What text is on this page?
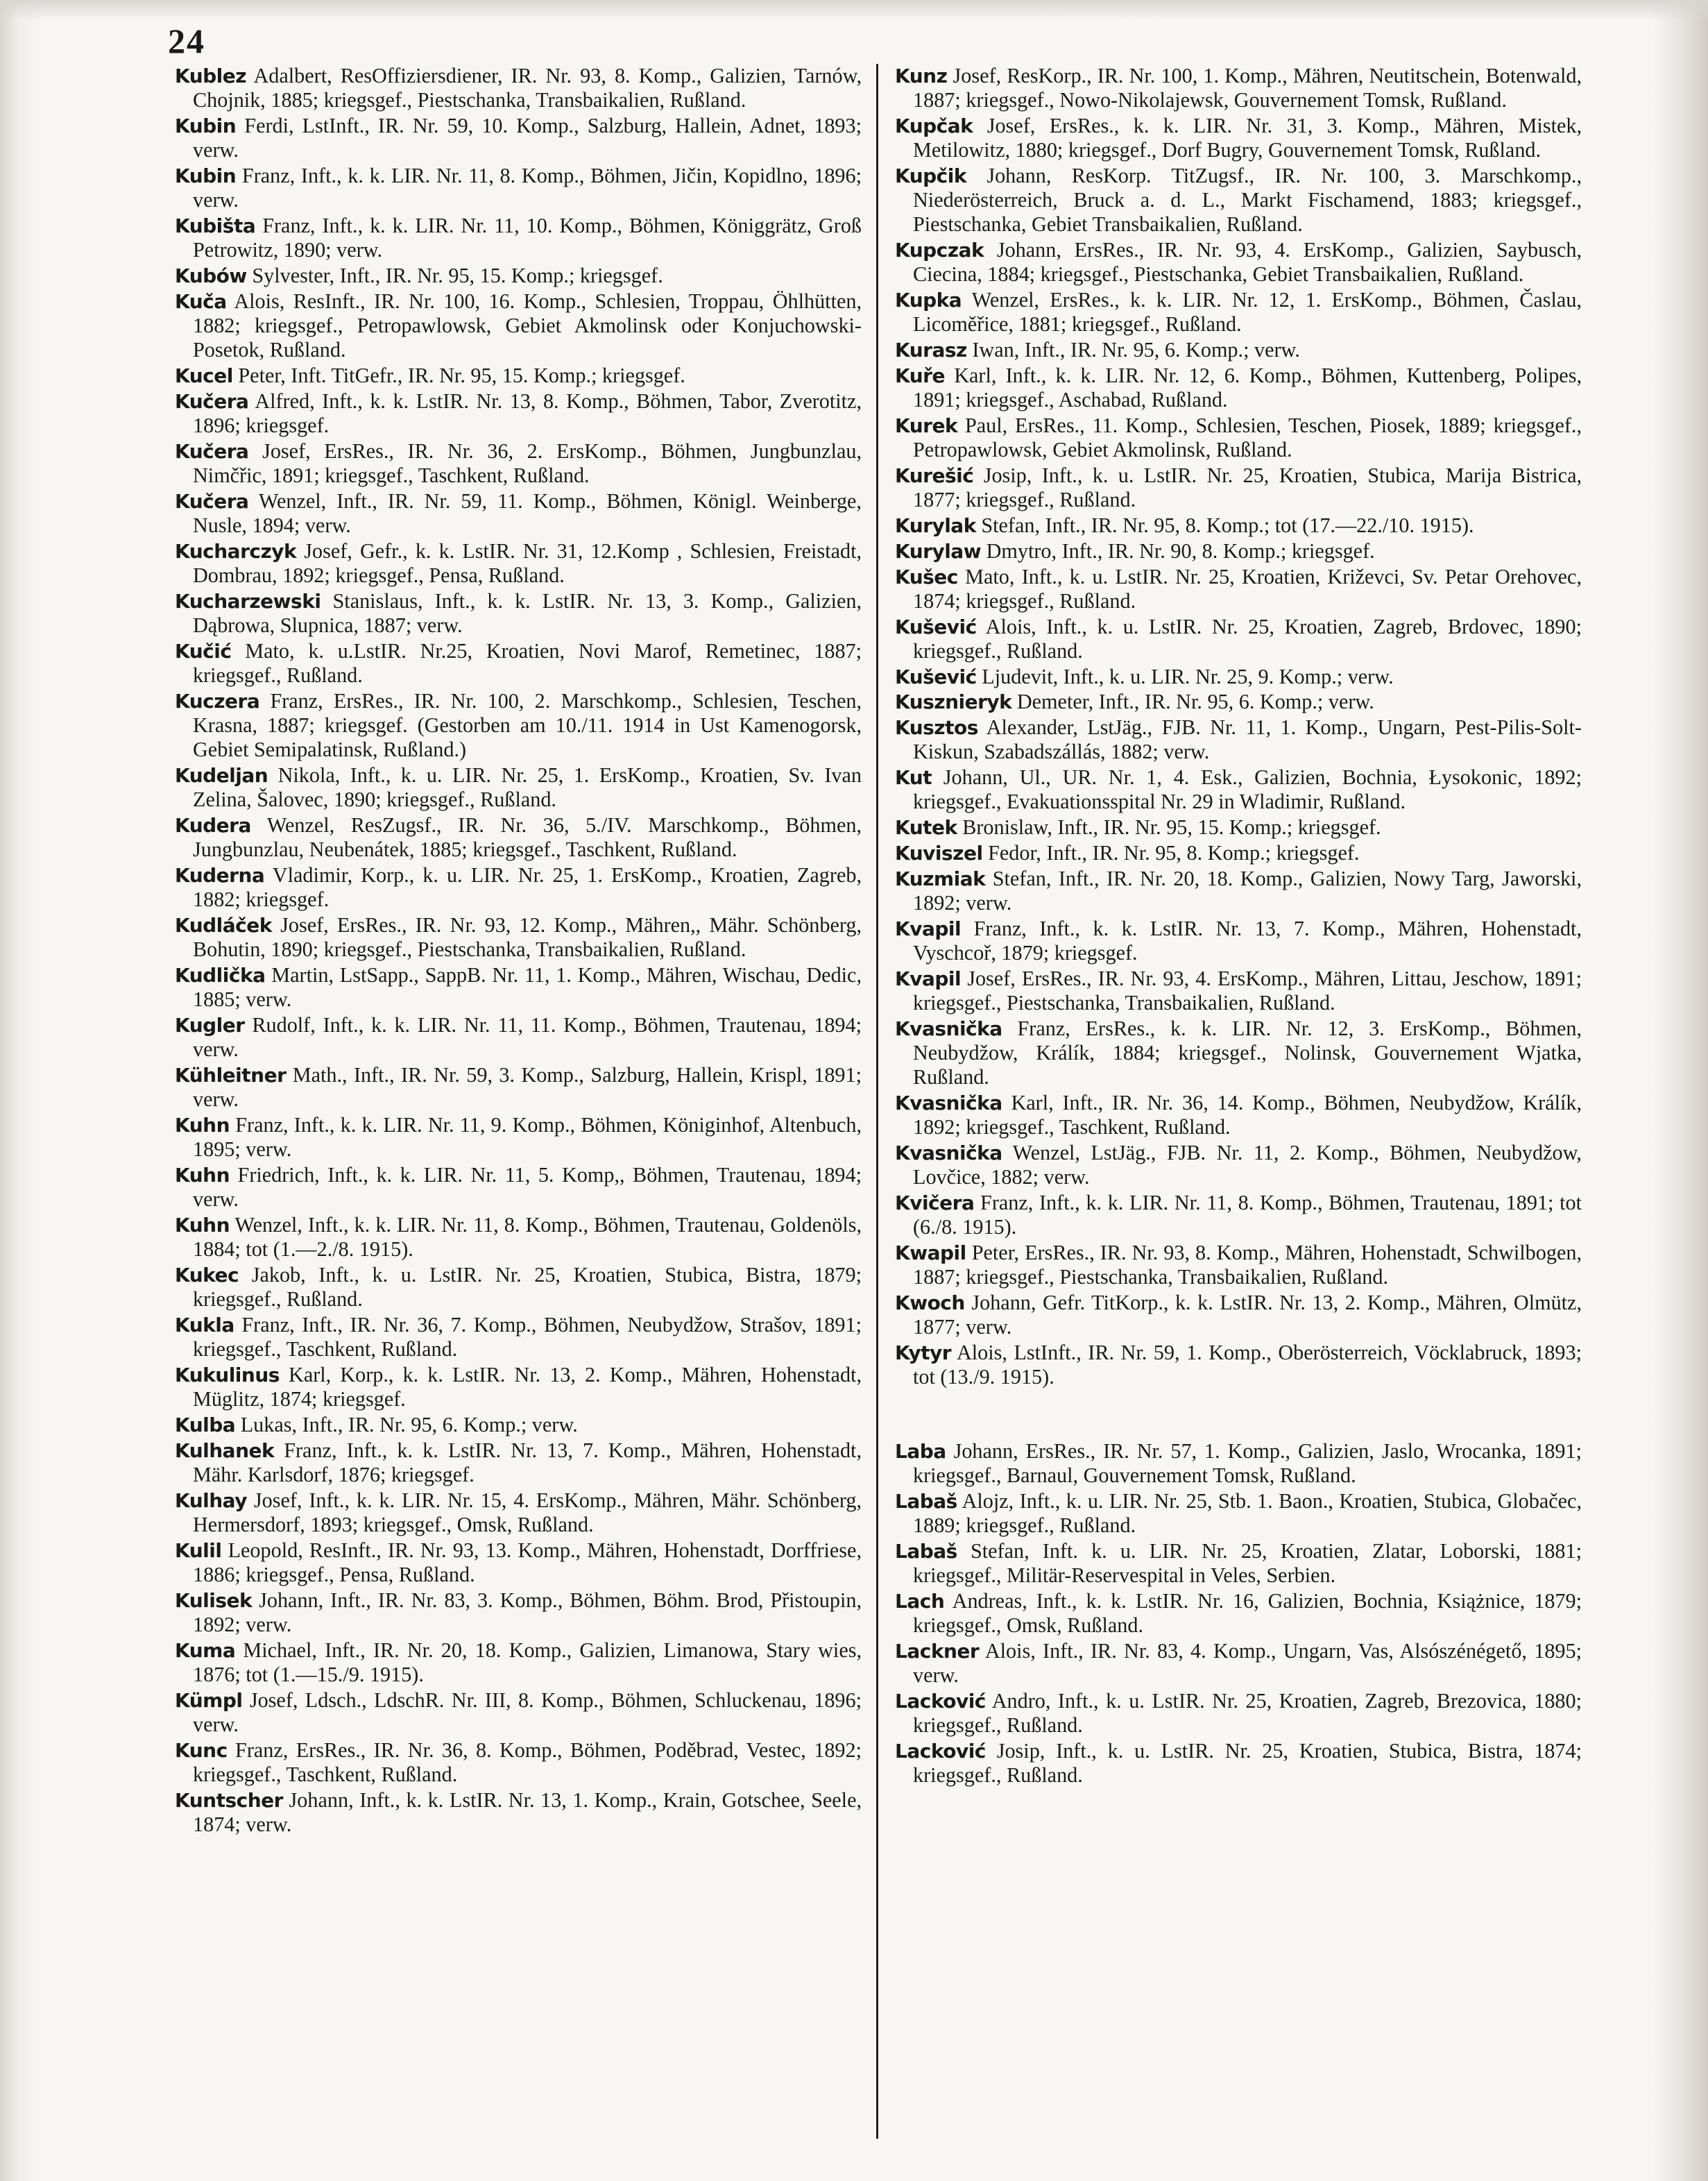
24

Kublez Adalbert, ResOffiziersdiener, IR. Nr. 93, 8. Komp., Galizien, Tarnów, Chojnik, 1885; kriegsgef., Piestschanka, Transbaikalien, Rußland.

Kubin Ferdi, LstInft., IR. Nr. 59, 10. Komp., Salzburg, Hallein, Adnet, 1893; verw.

Kubin Franz, Inft., k. k. LIR. Nr. 11, 8. Komp., Böhmen, Jičin, Kopidlno, 1896; verw.

Kubišta Franz, Inft., k. k. LIR. Nr. 11, 10. Komp., Böhmen, Königgrätz, Groß Petrowitz, 1890; verw.

Kubów Sylvester, Inft., IR. Nr. 95, 15. Komp.; kriegsgef.

Kuča Alois, ResInft., IR. Nr. 100, 16. Komp., Schlesien, Troppau, Öhlhütten, 1882; kriegsgef., Petropawlowsk, Gebiet Akmolinsk oder Konjuchowski-Posetok, Rußland.

Kucel Peter, Inft. TitGefr., IR. Nr. 95, 15. Komp.; kriegsgef.

Kučera Alfred, Inft., k. k. LstIR. Nr. 13, 8. Komp., Böhmen, Tabor, Zverotitz, 1896; kriegsgef.

Kučera Josef, ErsRes., IR. Nr. 36, 2. ErsKomp., Böhmen, Jungbunzlau, Nimčřic, 1891; kriegsgef., Taschkent, Rußland.

Kučera Wenzel, Inft., IR. Nr. 59, 11. Komp., Böhmen, Königl. Weinberge, Nusle, 1894; verw.

Kucharczyk Josef, Gefr., k. k. LstIR. Nr. 31, 12.Komp , Schlesien, Freistadt, Dombrau, 1892; kriegsgef., Pensa, Rußland.

Kucharzewski Stanislaus, Inft., k. k. LstIR. Nr. 13, 3. Komp., Galizien, Dąbrowa, Slupnica, 1887; verw.

Kučić Mato, k. u.LstIR. Nr.25, Kroatien, Novi Marof, Remetinec, 1887; kriegsgef., Rußland.

Kuczera Franz, ErsRes., IR. Nr. 100, 2. Marschkomp., Schlesien, Teschen, Krasna, 1887; kriegsgef. (Gestorben am 10./11. 1914 in Ust Kamenogorsk, Gebiet Semipalatinsk, Rußland.)

Kudeljan Nikola, Inft., k. u. LIR. Nr. 25, 1. ErsKomp., Kroatien, Sv. Ivan Zelina, Šalovec, 1890; kriegsgef., Rußland.

Kudera Wenzel, ResZugsf., IR. Nr. 36, 5./IV. Marschkomp., Böhmen, Jungbunzlau, Neubenátek, 1885; kriegsgef., Taschkent, Rußland.

Kuderna Vladimir, Korp., k. u. LIR. Nr. 25, 1. ErsKomp., Kroatien, Zagreb, 1882; kriegsgef.

Kudláček Josef, ErsRes., IR. Nr. 93, 12. Komp., Mähren,, Mähr. Schönberg, Bohutin, 1890; kriegsgef., Piestschanka, Transbaikalien, Rußland.

Kudlička Martin, LstSapp., SappB. Nr. 11, 1. Komp., Mähren, Wischau, Dedic, 1885; verw.

Kugler Rudolf, Inft., k. k. LIR. Nr. 11, 11. Komp., Böhmen, Trautenau, 1894; verw.

Kühleitner Math., Inft., IR. Nr. 59, 3. Komp., Salzburg, Hallein, Krispl, 1891; verw.

Kuhn Franz, Inft., k. k. LIR. Nr. 11, 9. Komp., Böhmen, Königinhof, Altenbuch, 1895; verw.

Kuhn Friedrich, Inft., k. k. LIR. Nr. 11, 5. Komp,, Böhmen, Trautenau, 1894; verw.

Kuhn Wenzel, Inft., k. k. LIR. Nr. 11, 8. Komp., Böhmen, Trautenau, Goldenöls, 1884; tot (1.—2./8. 1915).

Kukec Jakob, Inft., k. u. LstIR. Nr. 25, Kroatien, Stubica, Bistra, 1879; kriegsgef., Rußland.

Kukla Franz, Inft., IR. Nr. 36, 7. Komp., Böhmen, Neubydžow, Strašov, 1891; kriegsgef., Taschkent, Rußland.

Kukulinus Karl, Korp., k. k. LstIR. Nr. 13, 2. Komp., Mähren, Hohenstadt, Müglitz, 1874; kriegsgef.

Kulba Lukas, Inft., IR. Nr. 95, 6. Komp.; verw.

Kulhanek Franz, Inft., k. k. LstIR. Nr. 13, 7. Komp., Mähren, Hohenstadt, Mähr. Karlsdorf, 1876; kriegsgef.

Kulhay Josef, Inft., k. k. LIR. Nr. 15, 4. ErsKomp., Mähren, Mähr. Schönberg, Hermersdorf, 1893; kriegsgef., Omsk, Rußland.

Kulil Leopold, ResInft., IR. Nr. 93, 13. Komp., Mähren, Hohenstadt, Dorffriese, 1886; kriegsgef., Pensa, Rußland.

Kulisek Johann, Inft., IR. Nr. 83, 3. Komp., Böhmen, Böhm. Brod, Přistoupin, 1892; verw.

Kuma Michael, Inft., IR. Nr. 20, 18. Komp., Galizien, Limanowa, Stary wies, 1876; tot (1.—15./9. 1915).

Kümpl Josef, Ldsch., LdschR. Nr. III, 8. Komp., Böhmen, Schluckenau, 1896; verw.

Kunc Franz, ErsRes., IR. Nr. 36, 8. Komp., Böhmen, Poděbrad, Vestec, 1892; kriegsgef., Taschkent, Rußland.

Kuntscher Johann, Inft., k. k. LstIR. Nr. 13, 1. Komp., Krain, Gotschee, Seele, 1874; verw.

Kunz Josef, ResKorp., IR. Nr. 100, 1. Komp., Mähren, Neutitschein, Botenwald, 1887; kriegsgef., Nowo-Nikolajewsk, Gouvernement Tomsk, Rußland.

Kupčak Josef, ErsRes., k. k. LIR. Nr. 31, 3. Komp., Mähren, Mistek, Metilowitz, 1880; kriegsgef., Dorf Bugry, Gouvernement Tomsk, Rußland.

Kupčik Johann, ResKorp. TitZugsf., IR. Nr. 100, 3. Marschkomp., Niederösterreich, Bruck a. d. L., Markt Fischamend, 1883; kriegsgef., Piestschanka, Gebiet Transbaikalien, Rußland.

Kupczak Johann, ErsRes., IR. Nr. 93, 4. ErsKomp., Galizien, Saybusch, Ciecina, 1884; kriegsgef., Piestschanka, Gebiet Transbaikalien, Rußland.

Kupka Wenzel, ErsRes., k. k. LIR. Nr. 12, 1. ErsKomp., Böhmen, Časlau, Licoměřice, 1881; kriegsgef., Rußland.

Kurasz Iwan, Inft., IR. Nr. 95, 6. Komp.; verw.

Kuře Karl, Inft., k. k. LIR. Nr. 12, 6. Komp., Böhmen, Kuttenberg, Polipes, 1891; kriegsgef., Aschabad, Rußland.

Kurek Paul, ErsRes., 11. Komp., Schlesien, Teschen, Piosek, 1889; kriegsgef., Petropawlowsk, Gebiet Akmolinsk, Rußland.

Kurešić Josip, Inft., k. u. LstIR. Nr. 25, Kroatien, Stubica, Marija Bistrica, 1877; kriegsgef., Rußland.

Kurylak Stefan, Inft., IR. Nr. 95, 8. Komp.; tot (17.—22./10. 1915).

Kurylaw Dmytro, Inft., IR. Nr. 90, 8. Komp.; kriegsgef.

Kušec Mato, Inft., k. u. LstIR. Nr. 25, Kroatien, Križevci, Sv. Petar Orehovec, 1874; kriegsgef., Rußland.

Kušević Alois, Inft., k. u. LstIR. Nr. 25, Kroatien, Zagreb, Brdovec, 1890; kriegsgef., Rußland.

Kušević Ljudevit, Inft., k. u. LIR. Nr. 25, 9. Komp.; verw.

Kusznieryk Demeter, Inft., IR. Nr. 95, 6. Komp.; verw.

Kusztos Alexander, LstJäg., FJB. Nr. 11, 1. Komp., Ungarn, Pest-Pilis-Solt-Kiskun, Szabadszállás, 1882; verw.

Kut Johann, Ul., UR. Nr. 1, 4. Esk., Galizien, Bochnia, Łysokonic, 1892; kriegsgef., Evakuationsspital Nr. 29 in Wladimir, Rußland.

Kutek Bronislaw, Inft., IR. Nr. 95, 15. Komp.; kriegsgef.

Kuviszel Fedor, Inft., IR. Nr. 95, 8. Komp.; kriegsgef.

Kuzmiak Stefan, Inft., IR. Nr. 20, 18. Komp., Galizien, Nowy Targ, Jaworski, 1892; verw.

Kvapil Franz, Inft., k. k. LstIR. Nr. 13, 7. Komp., Mähren, Hohenstadt, Vyschcoř, 1879; kriegsgef.

Kvapil Josef, ErsRes., IR. Nr. 93, 4. ErsKomp., Mähren, Littau, Jeschow, 1891; kriegsgef., Piestschanka, Transbaikalien, Rußland.

Kvasnička Franz, ErsRes., k. k. LIR. Nr. 12, 3. ErsKomp., Böhmen, Neubydžow, Králík, 1884; kriegsgef., Nolinsk, Gouvernement Wjatka, Rußland.

Kvasnička Karl, Inft., IR. Nr. 36, 14. Komp., Böhmen, Neubydžow, Králík, 1892; kriegsgef., Taschkent, Rußland.

Kvasnička Wenzel, LstJäg., FJB. Nr. 11, 2. Komp., Böhmen, Neubydžow, Lovčice, 1882; verw.

Kvičera Franz, Inft., k. k. LIR. Nr. 11, 8. Komp., Böhmen, Trautenau, 1891; tot (6./8. 1915).

Kwapil Peter, ErsRes., IR. Nr. 93, 8. Komp., Mähren, Hohenstadt, Schwilbogen, 1887; kriegsgef., Piestschanka, Transbaikalien, Rußland.

Kwoch Johann, Gefr. TitKorp., k. k. LstIR. Nr. 13, 2. Komp., Mähren, Olmütz, 1877; verw.

Kytyr Alois, LstInft., IR. Nr. 59, 1. Komp., Oberösterreich, Vöcklabruck, 1893; tot (13./9. 1915).

Laba Johann, ErsRes., IR. Nr. 57, 1. Komp., Galizien, Jaslo, Wrocanka, 1891; kriegsgef., Barnaul, Gouvernement Tomsk, Rußland.

Labaš Alojz, Inft., k. u. LIR. Nr. 25, Stb. 1. Baon., Kroatien, Stubica, Globačec, 1889; kriegsgef., Rußland.

Labaš Stefan, Inft. k. u. LIR. Nr. 25, Kroatien, Zlatar, Loborski, 1881; kriegsgef., Militär-Reservespital in Veles, Serbien.

Lach Andreas, Inft., k. k. LstIR. Nr. 16, Galizien, Bochnia, Książnice, 1879; kriegsgef., Omsk, Rußland.

Lackner Alois, Inft., IR. Nr. 83, 4. Komp., Ungarn, Vas, Alsószénégető, 1895; verw.

Lacković Andro, Inft., k. u. LstIR. Nr. 25, Kroatien, Zagreb, Brezovica, 1880; kriegsgef., Rußland.

Lacković Josip, Inft., k. u. LstIR. Nr. 25, Kroatien, Stubica, Bistra, 1874; kriegsgef., Rußland.
